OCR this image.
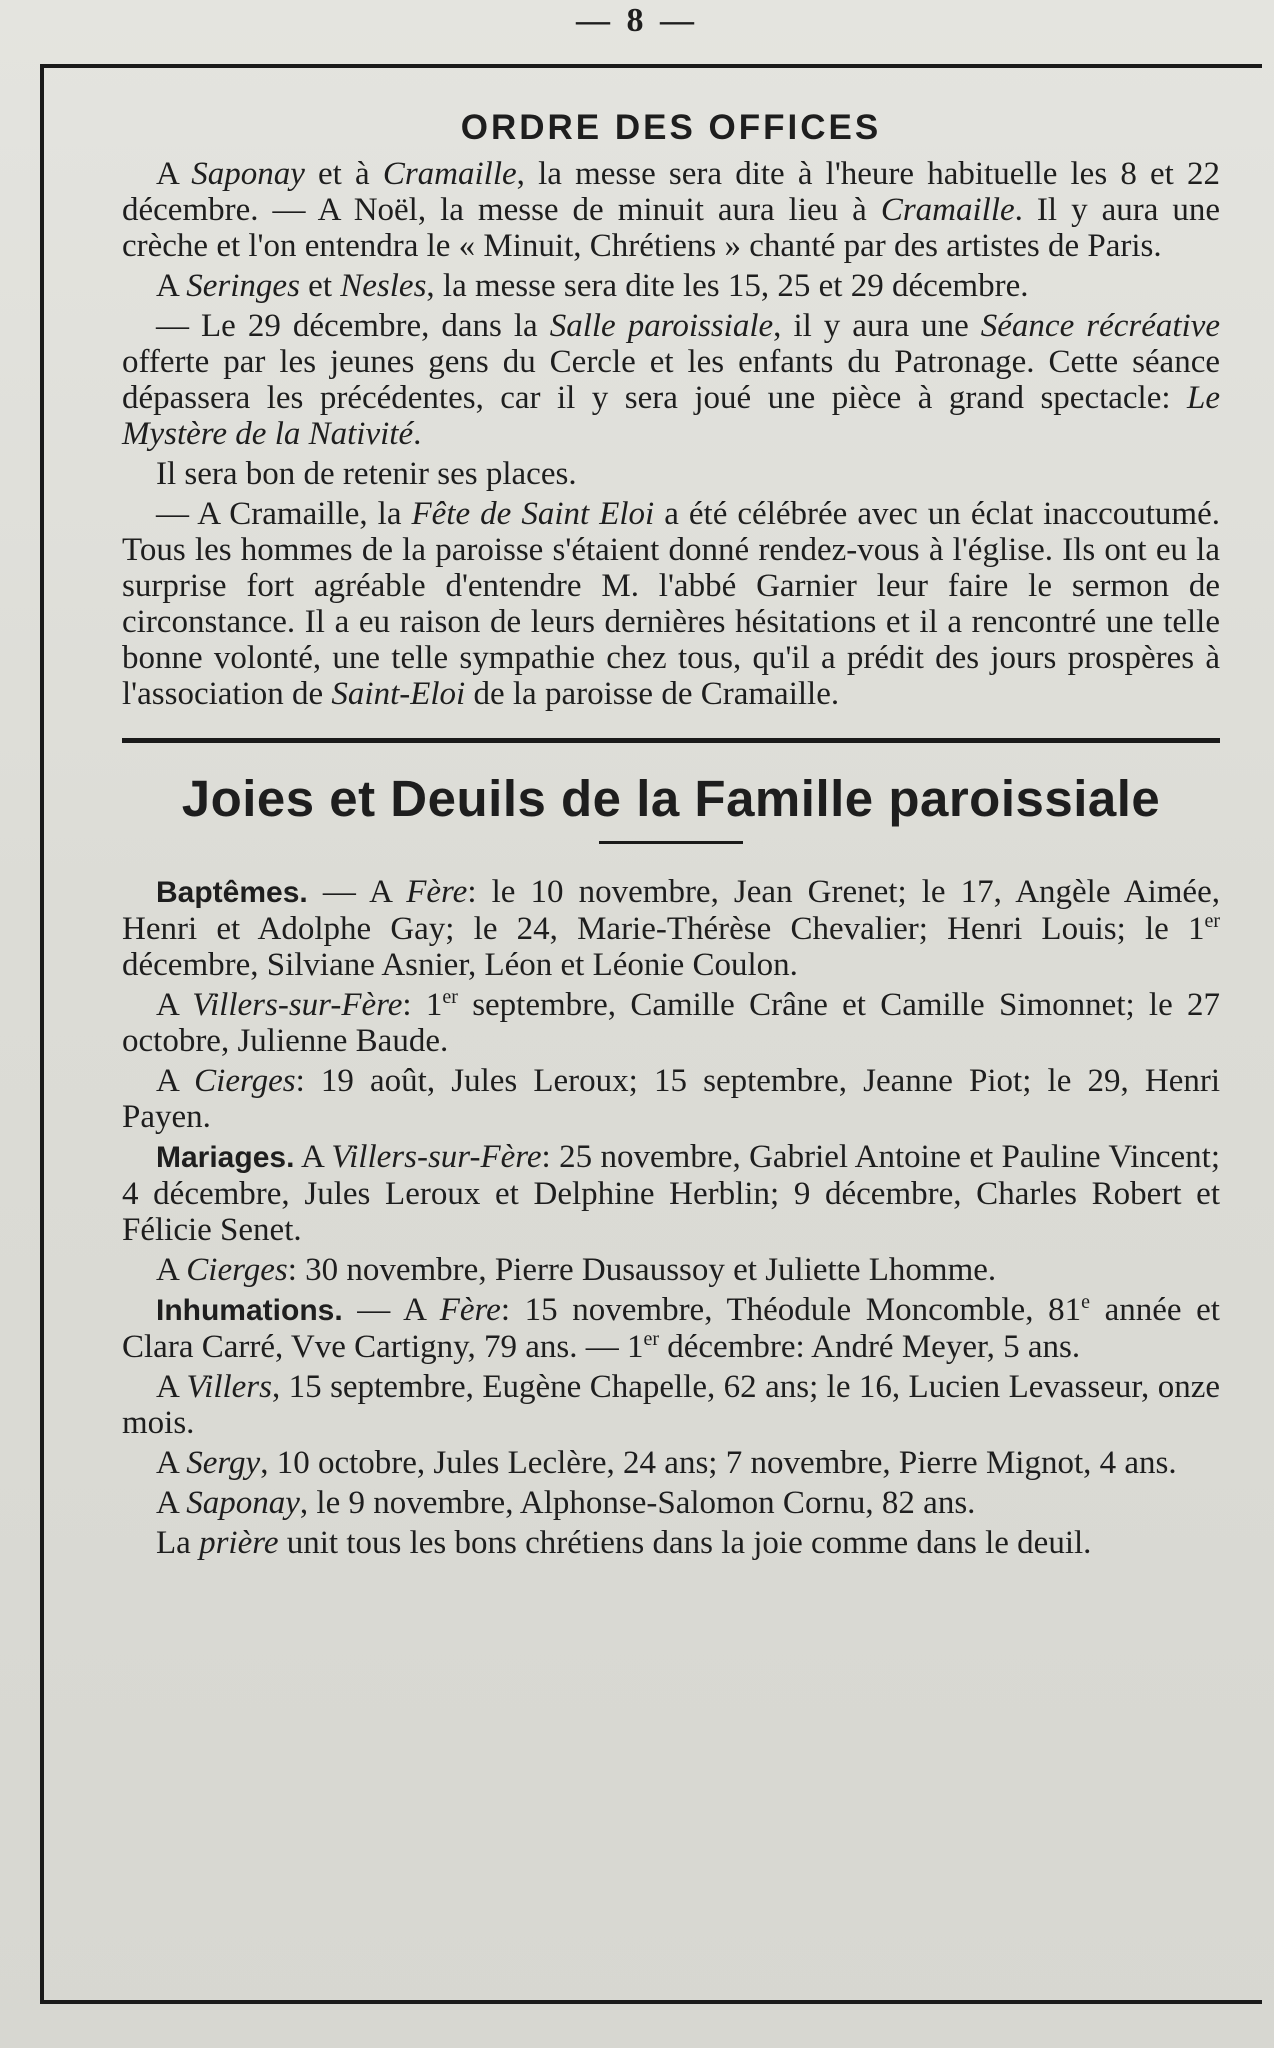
— 8 —
ORDRE DES OFFICES

A Saponay et à Cramaille, la messe sera dite à l'heure habituelle les 8 et 22 décembre. — A Noël, la messe de minuit aura lieu à Cramaille. Il y aura une crèche et l'on entendra le « Minuit, Chrétiens » chanté par des artistes de Paris.

A Seringes et Nesles, la messe sera dite les 15, 25 et 29 décembre.

— Le 29 décembre, dans la Salle paroissiale, il y aura une Séance récréative offerte par les jeunes gens du Cercle et les enfants du Patronage. Cette séance dépassera les précédentes, car il y sera joué une pièce à grand spectacle: Le Mystère de la Nativité.

Il sera bon de retenir ses places.

— A Cramaille, la Fête de Saint Eloi a été célébrée avec un éclat inaccoutumé. Tous les hommes de la paroisse s'étaient donné rendez-vous à l'église. Ils ont eu la surprise fort agréable d'entendre M. l'abbé Garnier leur faire le sermon de circonstance. Il a eu raison de leurs dernières hésitations et il a rencontré une telle bonne volonté, une telle sympathie chez tous, qu'il a prédit des jours prospères à l'association de Saint-Eloi de la paroisse de Cramaille.

Joies et Deuils de la Famille paroissiale

Baptêmes. — A Fère: le 10 novembre, Jean Grenet; le 17, Angèle Aimée, Henri et Adolphe Gay; le 24, Marie-Thérèse Chevalier; Henri Louis; le 1er décembre, Silviane Asnier, Léon et Léonie Coulon.

A Villers-sur-Fère: 1er septembre, Camille Crâne et Camille Simonnet; le 27 octobre, Julienne Baude.

A Cierges: 19 août, Jules Leroux; 15 septembre, Jeanne Piot; le 29, Henri Payen.

Mariages. A Villers-sur-Fère: 25 novembre, Gabriel Antoine et Pauline Vincent; 4 décembre, Jules Leroux et Delphine Herblin; 9 décembre, Charles Robert et Félicie Senet.

A Cierges: 30 novembre, Pierre Dusaussoy et Juliette Lhomme.

Inhumations. — A Fère: 15 novembre, Théodule Moncomble, 81e année et Clara Carré, Vve Cartigny, 79 ans. — 1er décembre: André Meyer, 5 ans.

A Villers, 15 septembre, Eugène Chapelle, 62 ans; le 16, Lucien Levasseur, onze mois.

A Sergy, 10 octobre, Jules Leclère, 24 ans; 7 novembre, Pierre Mignot, 4 ans.

A Saponay, le 9 novembre, Alphonse-Salomon Cornu, 82 ans.

La prière unit tous les bons chrétiens dans la joie comme dans le deuil.
